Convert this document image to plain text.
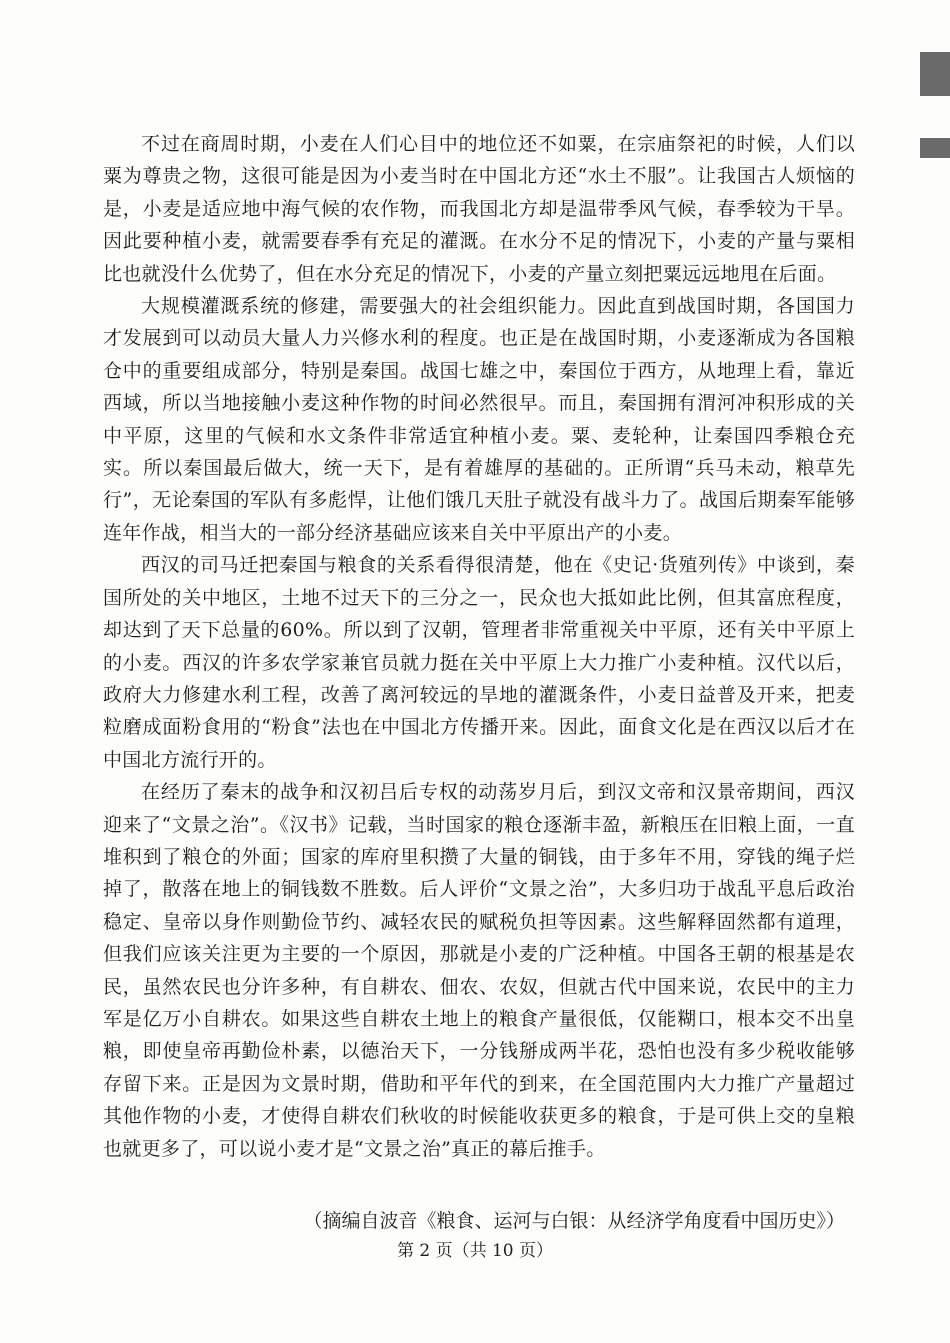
不过在商周时期，小麦在人们心目中的地位还不如粟，在宗庙祭祀的时候，人们以粟为尊贵之物，这很可能是因为小麦当时在中国北方还“水土不服”。让我国古人烦恼的是，小麦是适应地中海气候的农作物，而我国北方却是温带季风气候，春季较为干旱。因此要种植小麦，就需要春季有充足的灌溉。在水分不足的情况下，小麦的产量与粟相比也就没什么优势了，但在水分充足的情况下，小麦的产量立刻把粟远远地甩在后面。

大规模灌溉系统的修建，需要强大的社会组织能力。因此直到战国时期，各国国力才发展到可以动员大量人力兴修水利的程度。也正是在战国时期，小麦逐渐成为各国粮仓中的重要组成部分，特别是秦国。战国七雄之中，秦国位于西方，从地理上看，靠近西域，所以当地接触小麦这种作物的时间必然很早。而且，秦国拥有渭河冲积形成的关中平原，这里的气候和水文条件非常适宜种植小麦。粟、麦轮种，让秦国四季粮仓充实。所以秦国最后做大，统一天下，是有着雄厚的基础的。正所谓“兵马未动，粮草先行”，无论秦国的军队有多彪悍，让他们饿几天肚子就没有战斗力了。战国后期秦军能够连年作战，相当大的一部分经济基础应该来自关中平原出产的小麦。

西汉的司马迁把秦国与粮食的关系看得很清楚，他在《史记·货殖列传》中谈到，秦国所处的关中地区，土地不过天下的三分之一，民众也大抵如此比例，但其富庶程度，却达到了天下总量的60%。所以到了汉朝，管理者非常重视关中平原，还有关中平原上的小麦。西汉的许多农学家兼官员就力挺在关中平原上大力推广小麦种植。汉代以后，政府大力修建水利工程，改善了离河较远的旱地的灌溉条件，小麦日益普及开来，把麦粒磨成面粉食用的“粉食”法也在中国北方传播开来。因此，面食文化是在西汉以后才在中国北方流行开的。

在经历了秦末的战争和汉初吕后专权的动荡岁月后，到汉文帝和汉景帝期间，西汉迎来了“文景之治”。《汉书》记载，当时国家的粮仓逐渐丰盈，新粮压在旧粮上面，一直堆积到了粮仓的外面；国家的库府里积攒了大量的铜钱，由于多年不用，穿钱的绳子烂掉了，散落在地上的铜钱数不胜数。后人评价“文景之治”，大多归功于战乱平息后政治稳定、皇帝以身作则勤俭节约、减轻农民的赋税负担等因素。这些解释固然都有道理，但我们应该关注更为主要的一个原因，那就是小麦的广泛种植。中国各王朝的根基是农民，虽然农民也分许多种，有自耕农、佃农、农奴，但就古代中国来说，农民中的主力军是亿万小自耕农。如果这些自耕农土地上的粮食产量很低，仅能糊口，根本交不出皇粮，即使皇帝再勤俭朴素，以德治天下，一分钱掰成两半花，恐怕也没有多少税收能够存留下来。正是因为文景时期，借助和平年代的到来，在全国范围内大力推广产量超过其他作物的小麦，才使得自耕农们秋收的时候能收获更多的粮食，于是可供上交的皇粮也就更多了，可以说小麦才是“文景之治”真正的幕后推手。

（摘编自波音《粮食、运河与白银：从经济学角度看中国历史》）
第 2 页（共 10 页）
